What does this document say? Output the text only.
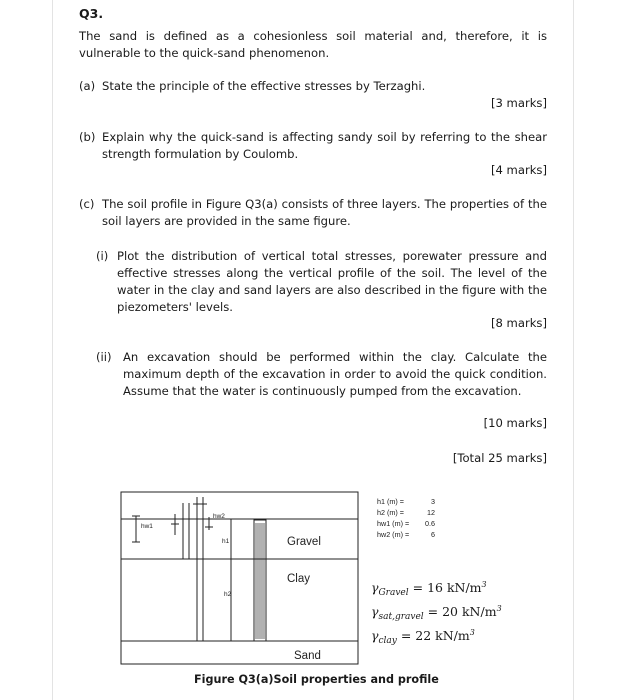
Q3.
The sand is defined as a cohesionless soil material and, therefore, it is vulnerable to the quick-sand phenomenon.
(a) State the principle of the effective stresses by Terzaghi.
[3 marks]
(b) Explain why the quick-sand is affecting sandy soil by referring to the shear strength formulation by Coulomb.
[4 marks]
(c) The soil profile in Figure Q3(a) consists of three layers. The properties of the soil layers are provided in the same figure.
(i) Plot the distribution of vertical total stresses, porewater pressure and effective stresses along the vertical profile of the soil. The level of the water in the clay and sand layers are also described in the figure with the piezometers' levels.
[8 marks]
(ii) An excavation should be performed within the clay. Calculate the maximum depth of the excavation in order to avoid the quick condition. Assume that the water is continuously pumped from the excavation.
[10 marks]
[Total 25 marks]
hw1
hw2
h1
h2
Gravel
Clay
Sand
h1 (m) =	3
h2 (m) =	12
hw1 (m) =	0.6
hw2 (m) =	6
$\gamma_{Gravel} = 16$ $kN/m^3$
$\gamma_{sat,gravel} = 20$ $kN/m^3$
$\gamma_{clay} = 22$ $kN/m^3$
Figure Q3(a)Soil properties and profile
